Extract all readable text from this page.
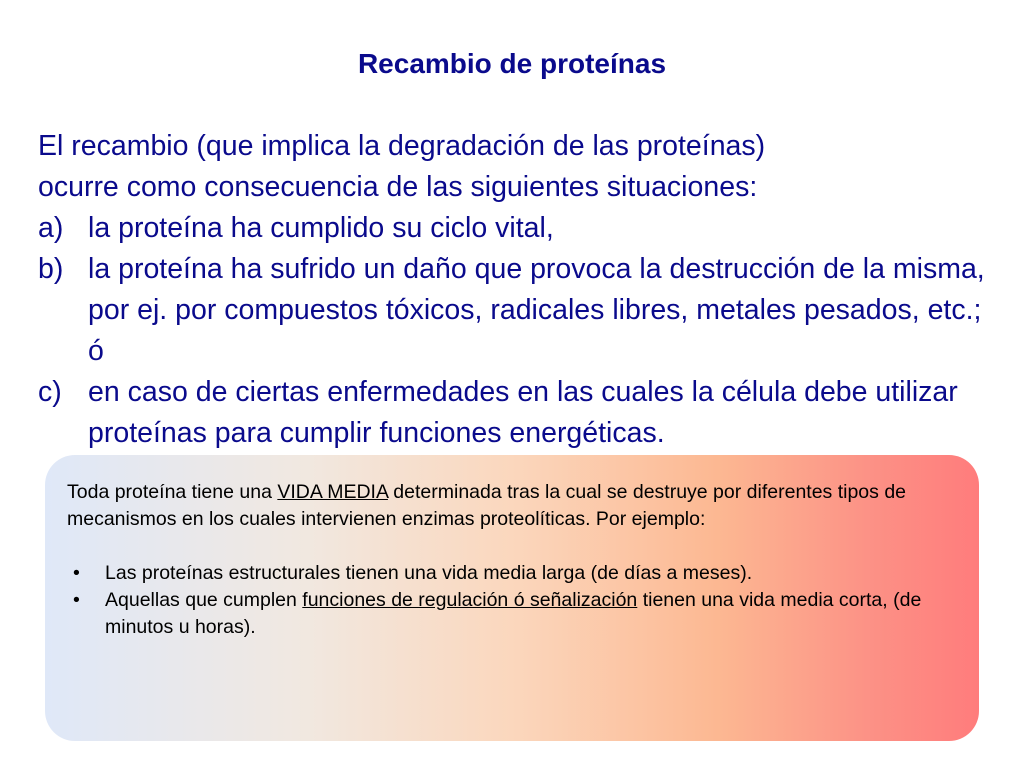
Recambio de proteínas

El recambio (que implica la degradación de las proteínas)

ocurre como consecuencia de las siguientes situaciones:

a) la proteína ha cumplido su ciclo vital,
b) la proteína ha sufrido un daño que provoca la destrucción de la misma, por ej. por compuestos tóxicos, radicales libres, metales pesados, etc.; ó
c) en caso de ciertas enfermedades en las cuales la célula debe utilizar proteínas para cumplir funciones energéticas.

Toda proteína tiene una VIDA MEDIA determinada tras la cual se destruye por diferentes tipos de mecanismos en los cuales intervienen enzimas proteolíticas. Por ejemplo:

•	Las proteínas estructurales tienen una vida media larga (de días a meses).
•	Aquellas que cumplen funciones de regulación ó señalización tienen una vida media corta, (de minutos u horas).
